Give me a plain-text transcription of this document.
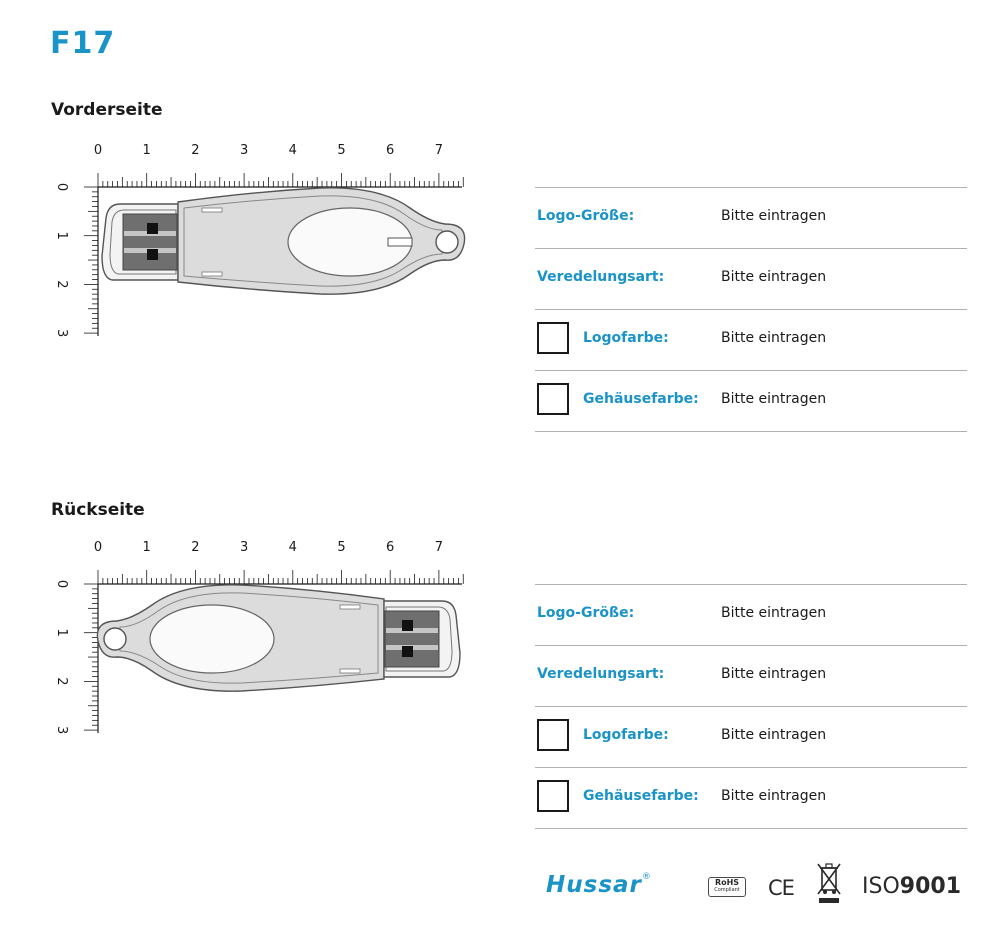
F17
Vorderseite
0	1	2	3	4	5	6	7
0
1
2
3
Logo-Größe:	Bitte eintragen
Veredelungsart:	Bitte eintragen
Logofarbe:	Bitte eintragen
Gehäusefarbe: Bitte eintragen
Rückseite
0	1	2	3	4	5	6	7
0
1
2
3
Logo-Größe:	Bitte eintragen
Veredelungsart:	Bitte eintragen
Logofarbe:	Bitte eintragen
Gehäusefarbe: Bitte eintragen
Hussar®
RoHS
Compliant CE	ISO9001
